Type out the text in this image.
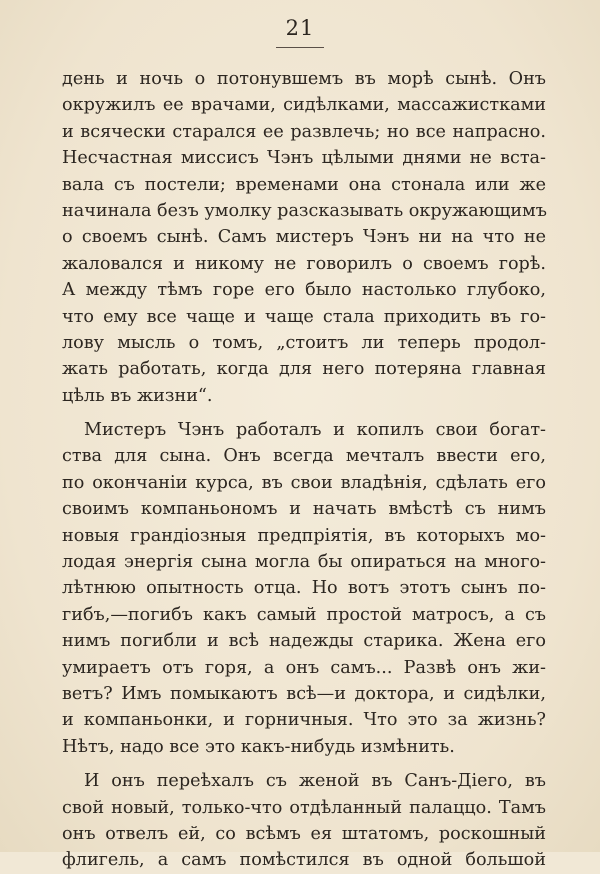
21
день и ночь о потонувшемъ въ морѣ сынѣ. Онъ
окружилъ ее врачами, сидѣлками, массажистками
и всячески старался ее развлечь; но все напрасно.
Несчастная миссисъ Чэнъ цѣлыми днями не вста-
вала съ постели; временами она стонала или же
начинала безъ умолку разсказывать окружающимъ
о своемъ сынѣ. Самъ мистеръ Чэнъ ни на что не
жаловался и никому не говорилъ о своемъ горѣ.
А между тѣмъ горе его было настолько глубоко,
что ему все чаще и чаще стала приходить въ го-
лову мысль о томъ, „стоитъ ли теперь продол-
жать работать, когда для него потеряна главная
цѣль въ жизни“.
Мистеръ Чэнъ работалъ и копилъ свои богат-
ства для сына. Онъ всегда мечталъ ввести его,
по окончаніи курса, въ свои владѣнія, сдѣлать его
своимъ компаньономъ и начать вмѣстѣ съ нимъ
новыя грандіозныя предпріятія, въ которыхъ мо-
лодая энергія сына могла бы опираться на много-
лѣтнюю опытность отца. Но вотъ этотъ сынъ по-
гибъ,—погибъ какъ самый простой матросъ, а съ
нимъ погибли и всѣ надежды старика. Жена его
умираетъ отъ горя, а онъ самъ... Развѣ онъ жи-
ветъ? Имъ помыкаютъ всѣ—и доктора, и сидѣлки,
и компаньонки, и горничныя. Что это за жизнь?
Нѣтъ, надо все это какъ-нибудь измѣнить.
И онъ переѣхалъ съ женой въ Санъ-Діего, въ
свой новый, только-что отдѣланный палаццо. Тамъ
онъ отвелъ ей, со всѣмъ ея штатомъ, роскошный
флигель, а самъ помѣстился въ одной большой
